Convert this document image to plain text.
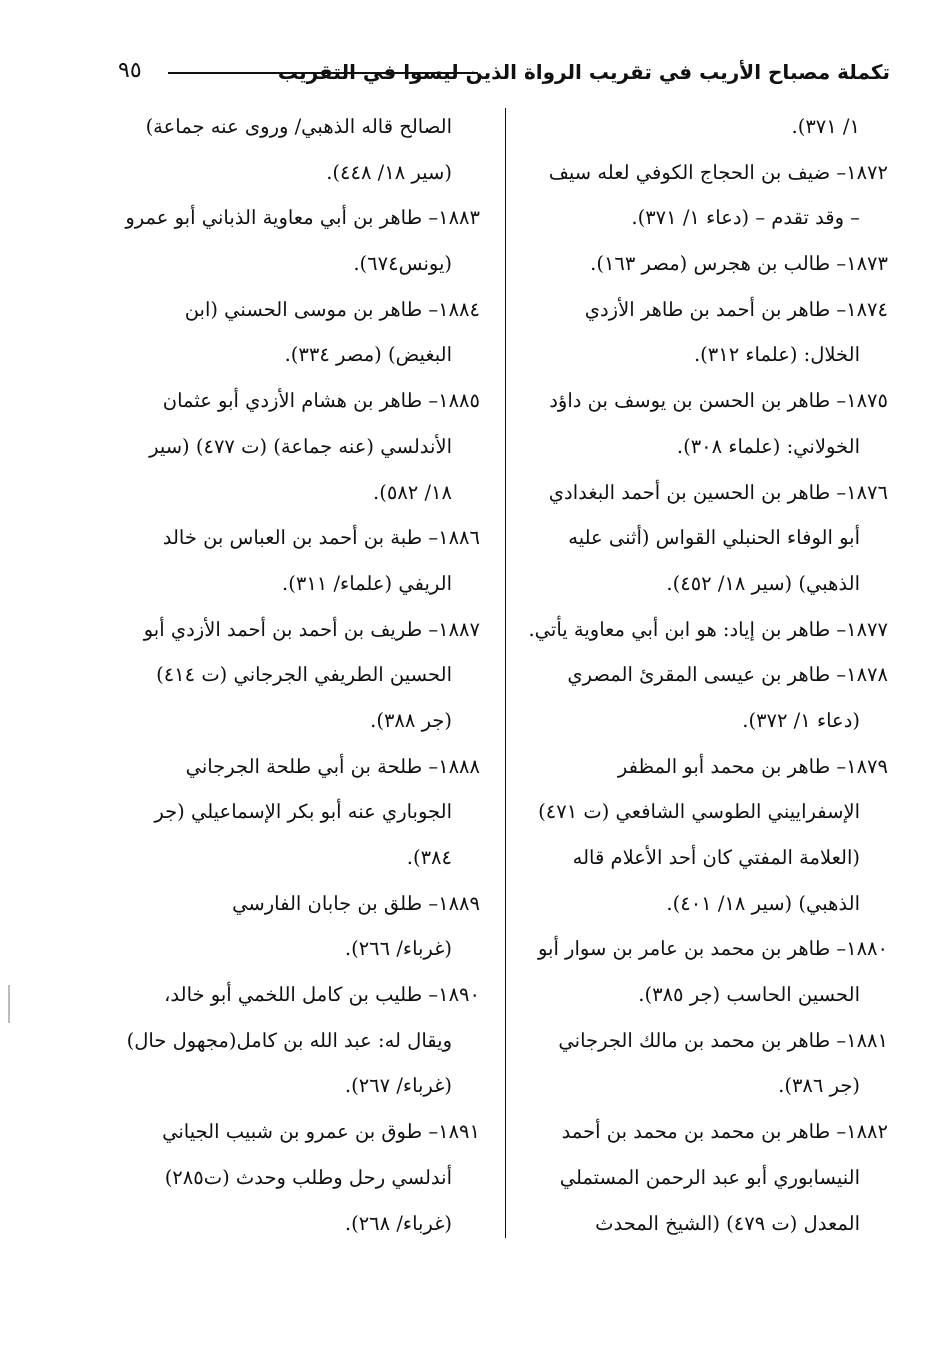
٩٥	تكملة مصباح الأريب في تقريب الرواة الذين ليسوا في التقريب
١/ ٣٧١).
١٨٧٢– ضيف بن الحجاج الكوفي لعله سيف
– وقد تقدم – (دعاء ١/ ٣٧١).
١٨٧٣– طالب بن هجرس (مصر ١٦٣).
١٨٧٤– طاهر بن أحمد بن طاهر الأزدي
الخلال: (علماء ٣١٢).
١٨٧٥– طاهر بن الحسن بن يوسف بن داؤد
الخولاني: (علماء ٣٠٨).
١٨٧٦– طاهر بن الحسين بن أحمد البغدادي
أبو الوفاء الحنبلي القواس (أثنى عليه
الذهبي) (سير ١٨/ ٤٥٢).
١٨٧٧– طاهر بن إياد: هو ابن أبي معاوية يأتي.
١٨٧٨– طاهر بن عيسى المقرئ المصري
(دعاء ١/ ٣٧٢).
١٨٧٩– طاهر بن محمد أبو المظفر
الإسفراييني الطوسي الشافعي (ت ٤٧١)
(العلامة المفتي كان أحد الأعلام قاله
الذهبي) (سير ١٨/ ٤٠١).
١٨٨٠– طاهر بن محمد بن عامر بن سوار أبو
الحسين الحاسب (جر ٣٨٥).
١٨٨١– طاهر بن محمد بن مالك الجرجاني
(جر ٣٨٦).
١٨٨٢– طاهر بن محمد بن محمد بن أحمد
النيسابوري أبو عبد الرحمن المستملي
المعدل (ت ٤٧٩) (الشيخ المحدث
الصالح قاله الذهبي/ وروى عنه جماعة)
(سير ١٨/ ٤٤٨).
١٨٨٣– طاهر بن أبي معاوية الذباني أبو عمرو
(يونس٦٧٤).
١٨٨٤– طاهر بن موسى الحسني (ابن
البغيض) (مصر ٣٣٤).
١٨٨٥– طاهر بن هشام الأزدي أبو عثمان
الأندلسي (عنه جماعة) (ت ٤٧٧) (سير
١٨/ ٥٨٢).
١٨٨٦– طبة بن أحمد بن العباس بن خالد
الريفي (علماء/ ٣١١).
١٨٨٧– طريف بن أحمد بن أحمد الأزدي أبو
الحسين الطريفي الجرجاني (ت ٤١٤)
(جر ٣٨٨).
١٨٨٨– طلحة بن أبي طلحة الجرجاني
الجوباري عنه أبو بكر الإسماعيلي (جر
٣٨٤).
١٨٨٩– طلق بن جابان الفارسي
(غرباء/ ٢٦٦).
١٨٩٠– طليب بن كامل اللخمي أبو خالد،
ويقال له: عبد الله بن كامل(مجهول حال)
(غرباء/ ٢٦٧).
١٨٩١– طوق بن عمرو بن شبيب الجياني
أندلسي رحل وطلب وحدث (ت٢٨٥)
(غرباء/ ٢٦٨).
